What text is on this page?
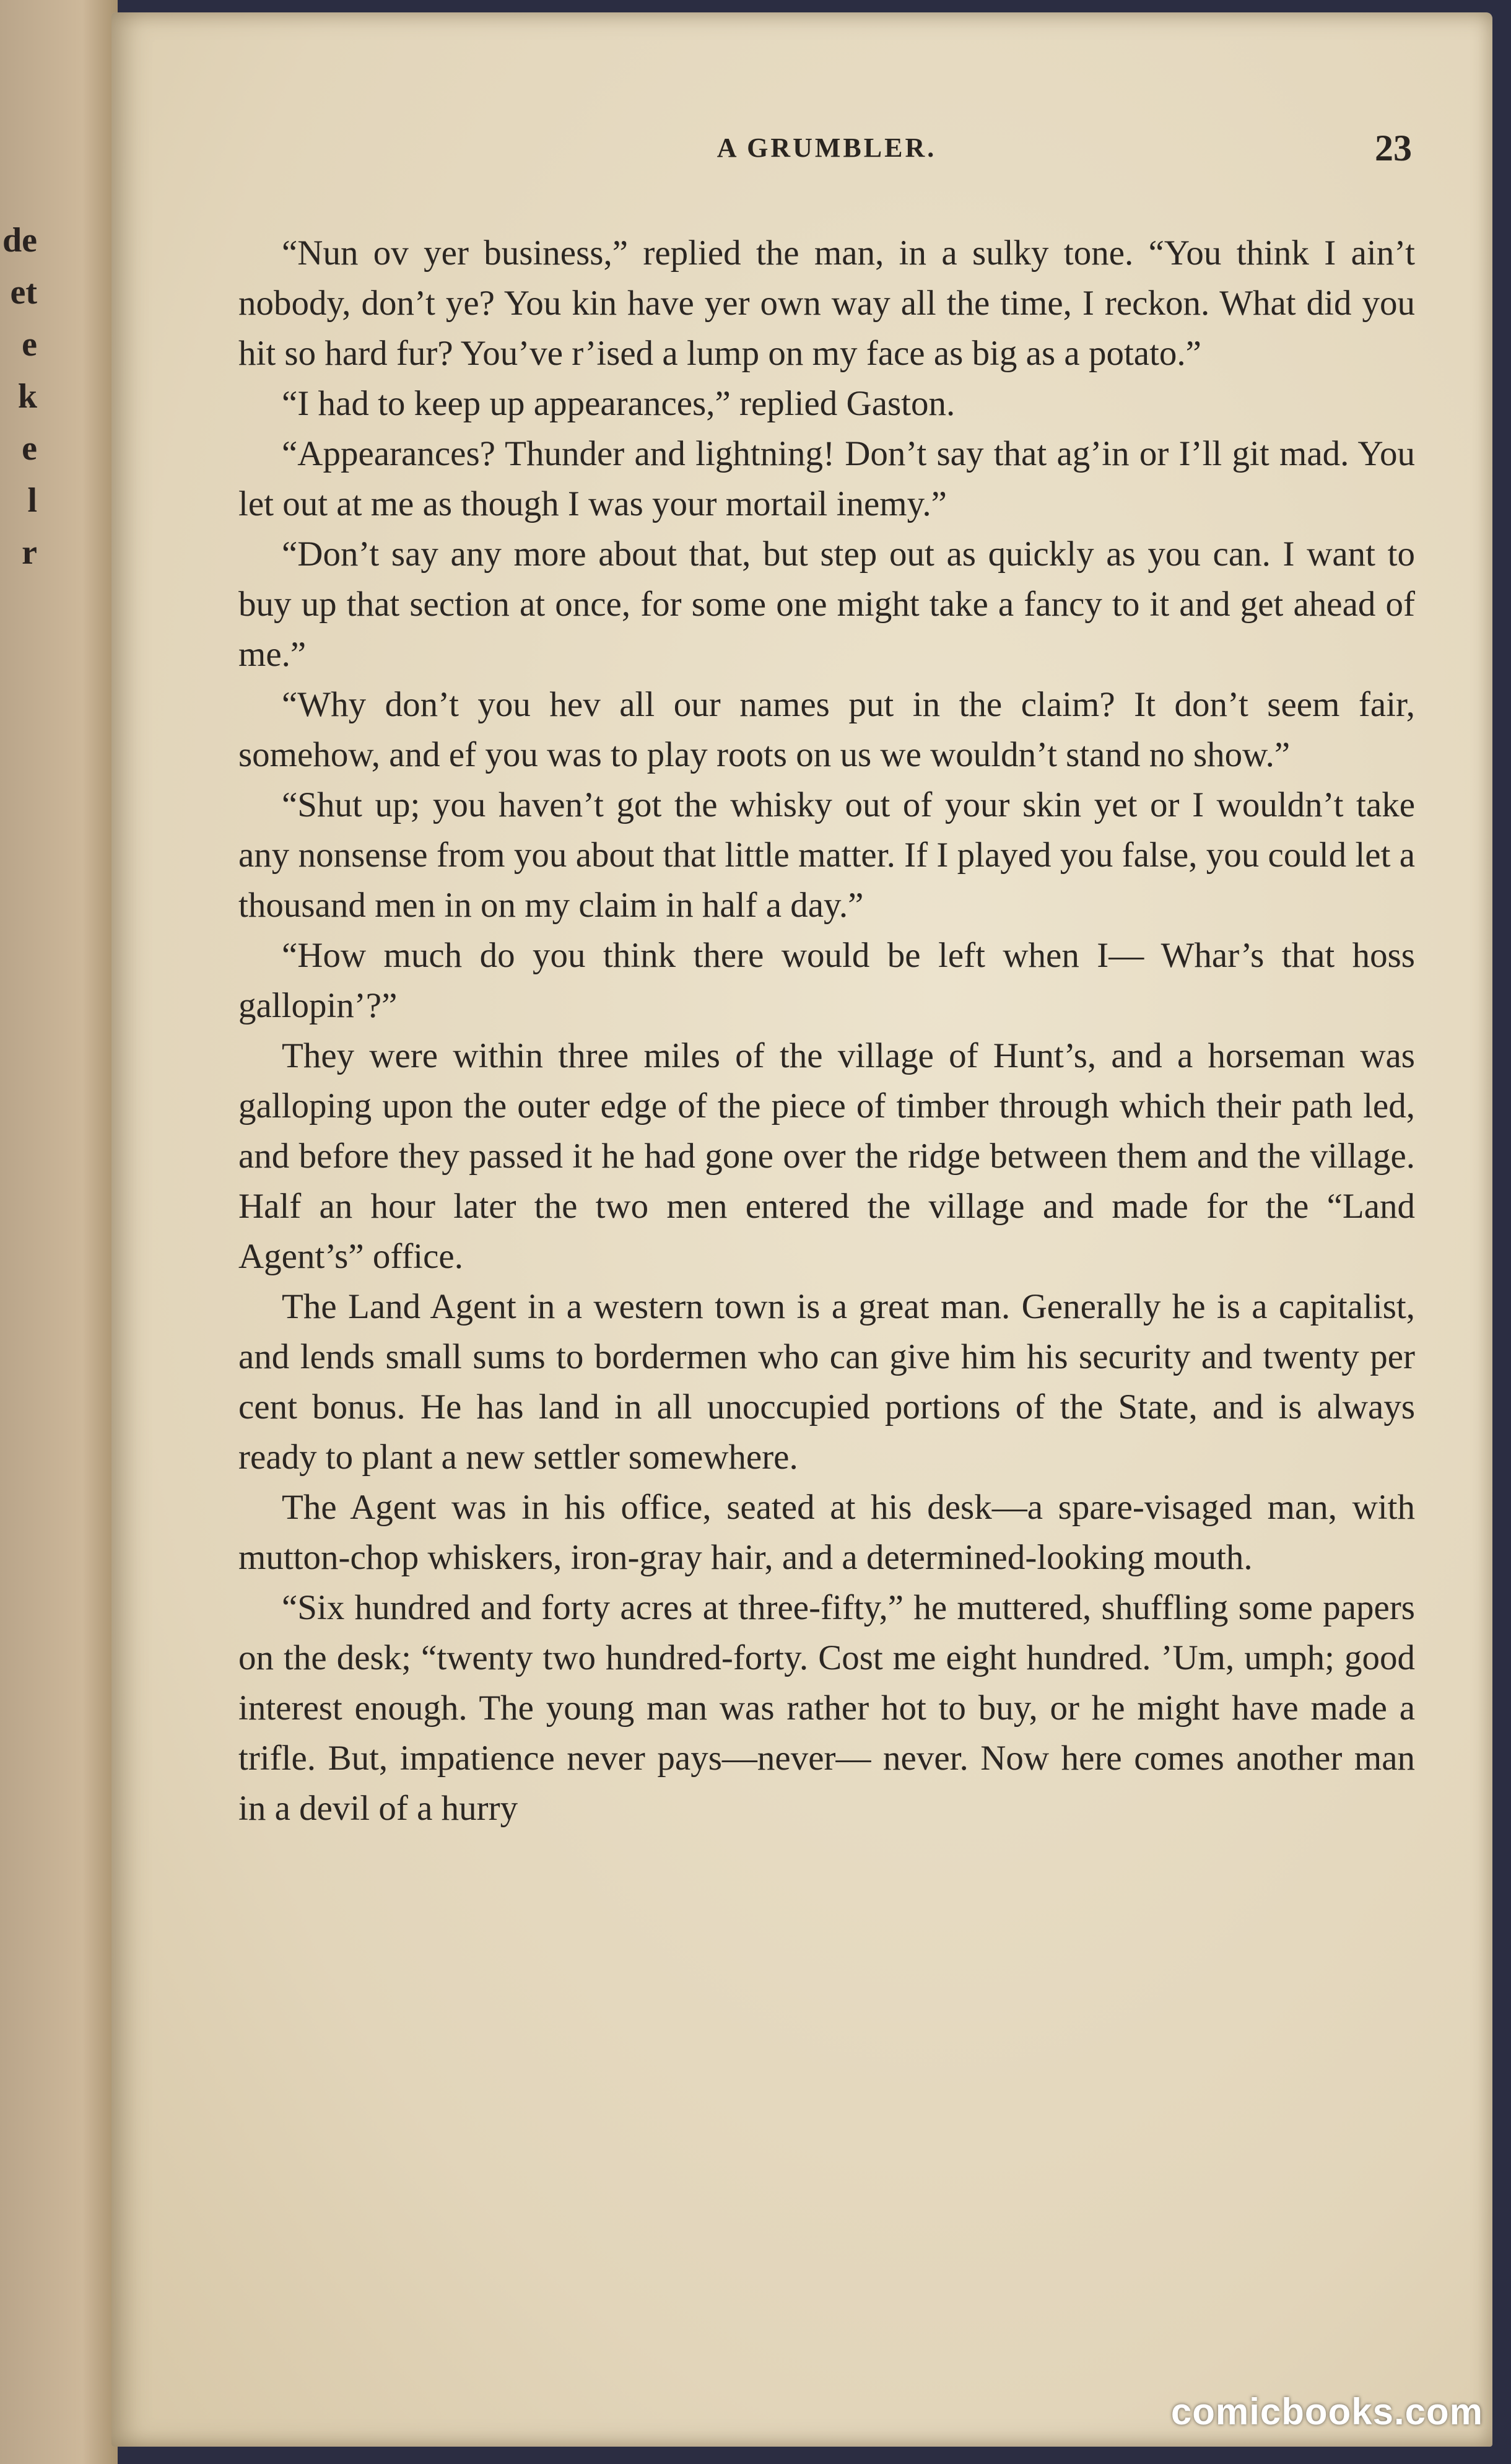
de
et
e
k
e
l
r
A GRUMBLER.	23

“Nun ov yer business,” replied the man, in a sulky tone. “You think I ain’t nobody, don’t ye? You kin have yer own way all the time, I reckon. What did you hit so hard fur? You’ve r’ised a lump on my face as big as a potato.”

“I had to keep up appearances,” replied Gaston.

“Appearances? Thunder and lightning! Don’t say that ag’in or I’ll git mad. You let out at me as though I was your mortail inemy.”

“Don’t say any more about that, but step out as quickly as you can. I want to buy up that section at once, for some one might take a fancy to it and get ahead of me.”

“Why don’t you hev all our names put in the claim? It don’t seem fair, somehow, and ef you was to play roots on us we wouldn’t stand no show.”

“Shut up; you haven’t got the whisky out of your skin yet or I wouldn’t take any nonsense from you about that little matter. If I played you false, you could let a thousand men in on my claim in half a day.”

“How much do you think there would be left when I— Whar’s that hoss gallopin’?”

They were within three miles of the village of Hunt’s, and a horseman was galloping upon the outer edge of the piece of timber through which their path led, and before they passed it he had gone over the ridge between them and the village. Half an hour later the two men entered the village and made for the “Land Agent’s” office.

The Land Agent in a western town is a great man. Generally he is a capitalist, and lends small sums to bordermen who can give him his security and twenty per cent bonus. He has land in all unoccupied portions of the State, and is always ready to plant a new settler somewhere.

The Agent was in his office, seated at his desk—a spare-visaged man, with mutton-chop whiskers, iron-gray hair, and a determined-looking mouth.

“Six hundred and forty acres at three-fifty,” he muttered, shuffling some papers on the desk; “twenty two hundred-forty. Cost me eight hundred. ’Um, umph; good interest enough. The young man was rather hot to buy, or he might have made a trifle. But, impatience never pays—never— never. Now here comes another man in a devil of a hurry

comicbooks.com
